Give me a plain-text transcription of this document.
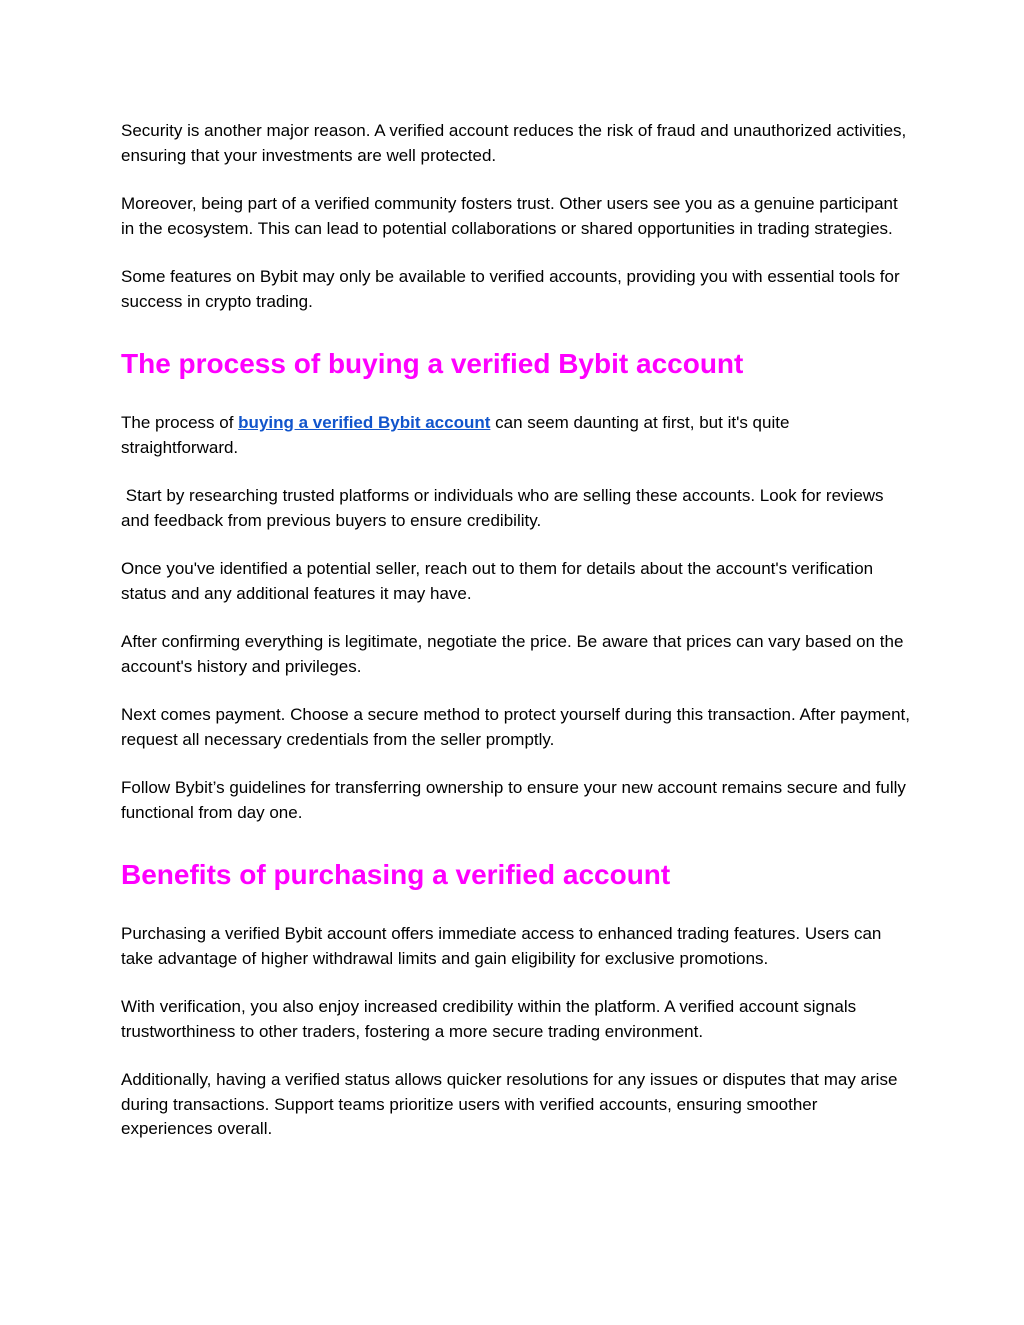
Security is another major reason. A verified account reduces the risk of fraud and unauthorized activities, ensuring that your investments are well protected.

Moreover, being part of a verified community fosters trust. Other users see you as a genuine participant in the ecosystem. This can lead to potential collaborations or shared opportunities in trading strategies.

Some features on Bybit may only be available to verified accounts, providing you with essential tools for success in crypto trading.

The process of buying a verified Bybit account

The process of buying a verified Bybit account can seem daunting at first, but it's quite straightforward.

Start by researching trusted platforms or individuals who are selling these accounts. Look for reviews and feedback from previous buyers to ensure credibility.

Once you've identified a potential seller, reach out to them for details about the account's verification status and any additional features it may have.

After confirming everything is legitimate, negotiate the price. Be aware that prices can vary based on the account's history and privileges.

Next comes payment. Choose a secure method to protect yourself during this transaction. After payment, request all necessary credentials from the seller promptly.

Follow Bybit’s guidelines for transferring ownership to ensure your new account remains secure and fully functional from day one.

Benefits of purchasing a verified account

Purchasing a verified Bybit account offers immediate access to enhanced trading features. Users can take advantage of higher withdrawal limits and gain eligibility for exclusive promotions.

With verification, you also enjoy increased credibility within the platform. A verified account signals trustworthiness to other traders, fostering a more secure trading environment.

Additionally, having a verified status allows quicker resolutions for any issues or disputes that may arise during transactions. Support teams prioritize users with verified accounts, ensuring smoother experiences overall.
